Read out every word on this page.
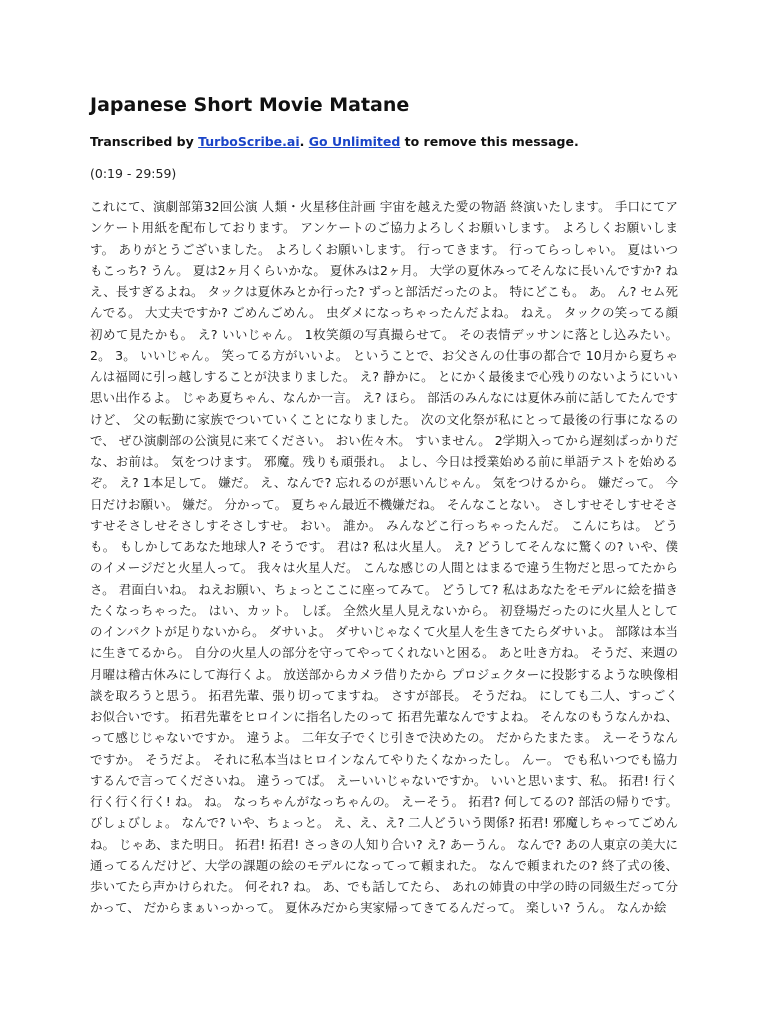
Japanese Short Movie Matane

Transcribed by TurboScribe.ai. Go Unlimited to remove this message.

(0:19 - 29:59)

これにて、演劇部第32回公演 人類・火星移住計画 宇宙を越えた愛の物語 終演いたします。 手口にてアンケート用紙を配布しております。 アンケートのご協力よろしくお願いします。 よろしくお願いします。 ありがとうございました。 よろしくお願いします。 行ってきます。 行ってらっしゃい。 夏はいつもこっち? うん。 夏は2ヶ月くらいかな。 夏休みは2ヶ月。 大学の夏休みってそんなに長いんですか? ねえ、長すぎるよね。 タックは夏休みとか行った? ずっと部活だったのよ。 特にどこも。 あ。 ん? セム死んでる。 大丈夫ですか? ごめんごめん。 虫ダメになっちゃったんだよね。 ねえ。 タックの笑ってる顔初めて見たかも。 え? いいじゃん。 1枚笑顔の写真撮らせて。 その表情デッサンに落とし込みたい。 2。 3。 いいじゃん。 笑ってる方がいいよ。 ということで、お父さんの仕事の都合で 10月から夏ちゃんは福岡に引っ越しすることが決まりました。 え? 静かに。 とにかく最後まで心残りのないようにいい思い出作るよ。 じゃあ夏ちゃん、なんか一言。 え? ほら。 部活のみんなには夏休み前に話してたんですけど、 父の転勤に家族でついていくことになりました。 次の文化祭が私にとって最後の行事になるので、 ぜひ演劇部の公演見に来てください。 おい佐々木。 すいません。 2学期入ってから遅刻ばっかりだな、お前は。 気をつけます。 邪魔。残りも頑張れ。 よし、今日は授業始める前に単語テストを始めるぞ。 え? 1本足して。 嫌だ。 え、なんで? 忘れるのが悪いんじゃん。 気をつけるから。 嫌だって。 今日だけお願い。 嫌だ。 分かって。 夏ちゃん最近不機嫌だね。 そんなことない。 さしすせそしすせそさすせそさしせそさしすそさしすせ。 おい。 誰か。 みんなどこ行っちゃったんだ。 こんにちは。 どうも。 もしかしてあなた地球人? そうです。 君は? 私は火星人。 え? どうしてそんなに驚くの? いや、僕のイメージだと火星人って。 我々は火星人だ。 こんな感じの人間とはまるで違う生物だと思ってたからさ。 君面白いね。 ねえお願い、ちょっとここに座ってみて。 どうして? 私はあなたをモデルに絵を描きたくなっちゃった。 はい、カット。 しぼ。 全然火星人見えないから。 初登場だったのに火星人としてのインパクトが足りないから。 ダサいよ。 ダサいじゃなくて火星人を生きてたらダサいよ。 部隊は本当に生きてるから。 自分の火星人の部分を守ってやってくれないと困る。 あと吐き方ね。 そうだ、来週の月曜は稽古休みにして海行くよ。 放送部からカメラ借りたから プロジェクターに投影するような映像相談を取ろうと思う。 拓君先輩、張り切ってますね。 さすが部長。 そうだね。 にしても二人、すっごくお似合いです。 拓君先輩をヒロインに指名したのって 拓君先輩なんですよね。 そんなのもうなんかね、って感じじゃないですか。 違うよ。 二年女子でくじ引きで決めたの。 だからたまたま。 えーそうなんですか。 そうだよ。 それに私本当はヒロインなんてやりたくなかったし。 んー。 でも私いつでも協力するんで言ってくださいね。 違うってば。 えーいいじゃないですか。 いいと思います、私。 拓君! 行く行く行く行く! ね。 ね。 なっちゃんがなっちゃんの。 えーそう。 拓君? 何してるの? 部活の帰りです。 びしょびしょ。 なんで? いや、ちょっと。 え、え、え? 二人どういう関係? 拓君! 邪魔しちゃってごめんね。 じゃあ、また明日。 拓君! 拓君! さっきの人知り合い? え? あーうん。 なんで? あの人東京の美大に通ってるんだけど、大学の課題の絵のモデルになってって頼まれた。 なんで頼まれたの? 終了式の後、歩いてたら声かけられた。 何それ? ね。 あ、でも話してたら、 あれの姉貴の中学の時の同級生だって分かって、 だからまぁいっかって。 夏休みだから実家帰ってきてるんだって。 楽しい? うん。 なんか絵
